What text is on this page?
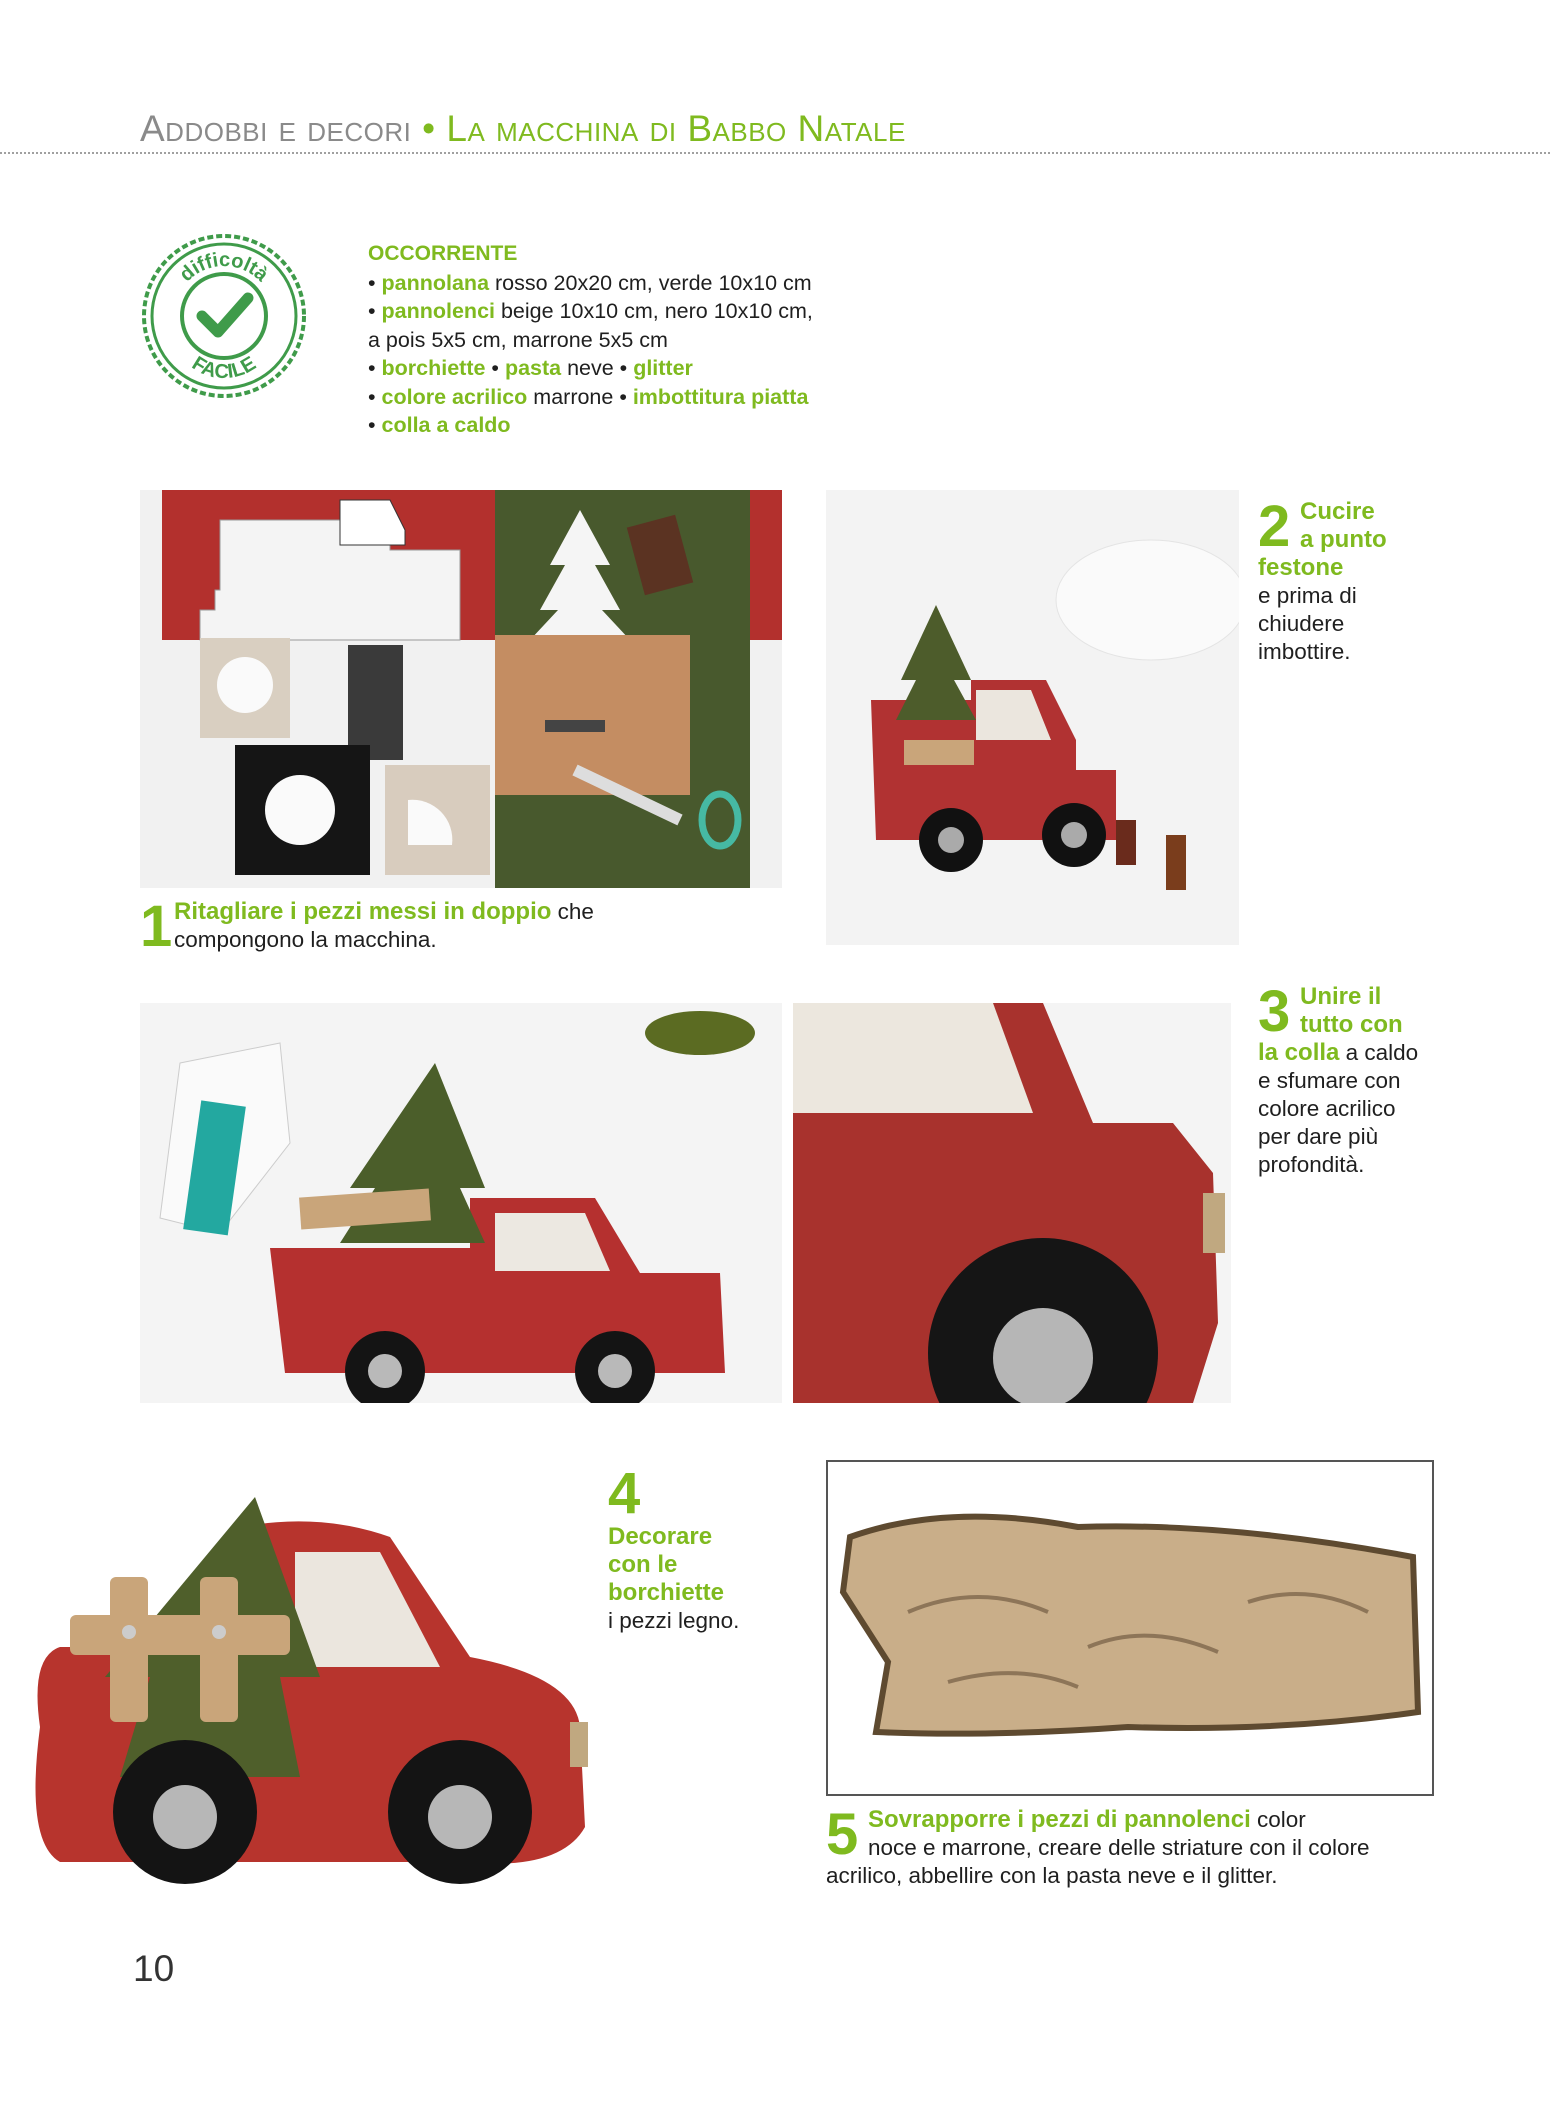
Addobbi e decori • La macchina di Babbo Natale
difficoltà
FACILE
OCCORRENTE
• pannolana rosso 20x20 cm, verde 10x10 cm
• pannolenci beige 10x10 cm, nero 10x10 cm,
a pois 5x5 cm, marrone 5x5 cm
• borchiette • pasta neve • glitter
• colore acrilico marrone • imbottitura piatta
• colla a caldo
1 Ritagliare i pezzi messi in doppio che
compongono la macchina.
2 Cucire
a punto
festone
e prima di
chiudere
imbottire.
3 Unire il
tutto con
la colla a caldo
e sfumare con
colore acrilico
per dare più
profondità.
4
Decorare
con le
borchiette
i pezzi legno.
5 Sovrapporre i pezzi di pannolenci color
noce e marrone, creare delle striature con il colore
acrilico, abbellire con la pasta neve e il glitter.
10
